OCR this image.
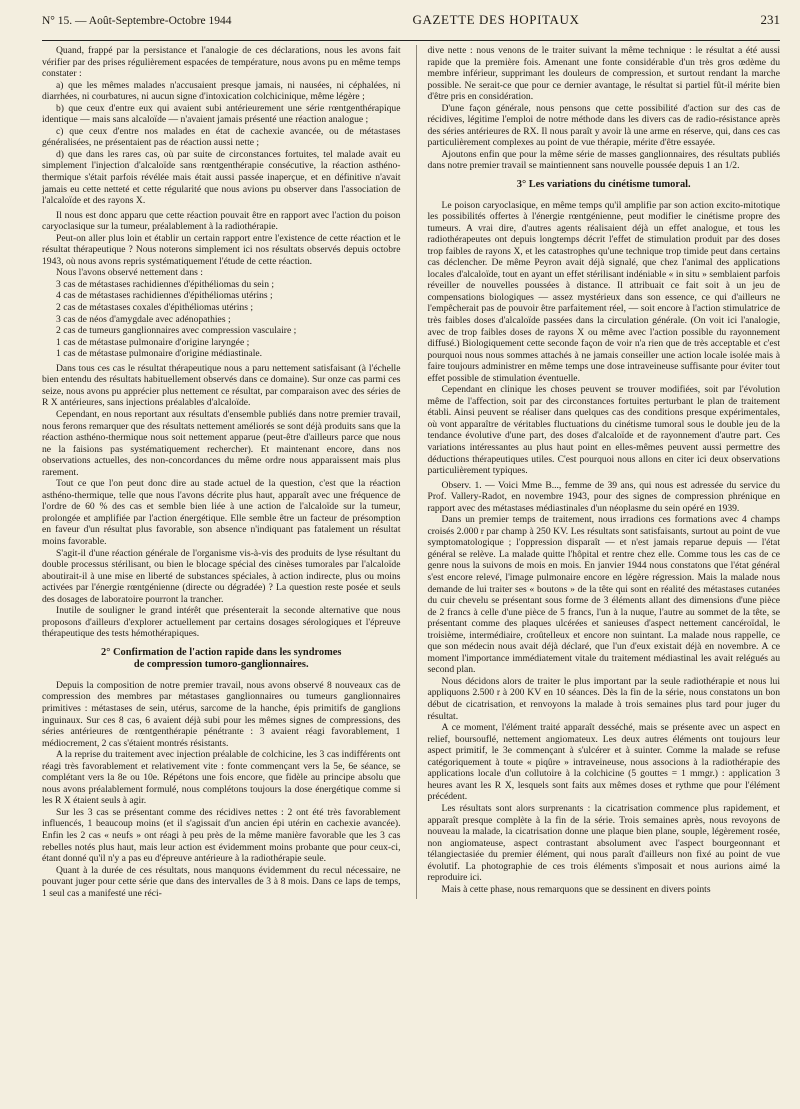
N° 15. — Août-Septembre-Octobre 1944	GAZETTE DES HOPITAUX	231

Quand, frappé par la persistance et l'analogie de ces déclarations, nous les avons fait vérifier par des prises régulièrement espacées de température, nous avons pu en même temps constater :

a) que les mêmes malades n'accusaient presque jamais, ni nausées, ni céphalées, ni diarrhées, ni courbatures, ni aucun signe d'intoxication colchicinique, même légère ;

b) que ceux d'entre eux qui avaient subi antérieurement une série rœntgenthérapique identique — mais sans alcaloïde — n'avaient jamais présenté une réaction analogue ;

c) que ceux d'entre nos malades en état de cachexie avancée, ou de métastases généralisées, ne présentaient pas de réaction aussi nette ;

d) que dans les rares cas, où par suite de circonstances fortuites, tel malade avait eu simplement l'injection d'alcaloïde sans rœntgenthérapie consécutive, la réaction asthéno-thermique s'était parfois révélée mais était aussi passée inaperçue, et en définitive n'avait jamais eu cette netteté et cette régularité que nous avions pu observer dans l'association de l'alcaloïde et des rayons X.

Il nous est donc apparu que cette réaction pouvait être en rapport avec l'action du poison caryoclasique sur la tumeur, préalablement à la radiothérapie.

Peut-on aller plus loin et établir un certain rapport entre l'existence de cette réaction et le résultat thérapeutique ? Nous noterons simplement ici nos résultats observés depuis octobre 1943, où nous avons repris systématiquement l'étude de cette réaction.

Nous l'avons observé nettement dans :

3 cas de métastases rachidiennes d'épithéliomas du sein ;

4 cas de métastases rachidiennes d'épithéliomas utérins ;

2 cas de métastases coxales d'épithéliomas utérins ;

3 cas de néos d'amygdale avec adénopathies ;

2 cas de tumeurs ganglionnaires avec compression vasculaire ;

1 cas de métastase pulmonaire d'origine laryngée ;

1 cas de métastase pulmonaire d'origine médiastinale.

Dans tous ces cas le résultat thérapeutique nous a paru nettement satisfaisant (à l'échelle bien entendu des résultats habituellement observés dans ce domaine). Sur onze cas parmi ces seize, nous avons pu apprécier plus nettement ce résultat, par comparaison avec des séries de R X antérieures, sans injections préalables d'alcaloïde.

Cependant, en nous reportant aux résultats d'ensemble publiés dans notre premier travail, nous ferons remarquer que des résultats nettement améliorés se sont déjà produits sans que la réaction asthéno-thermique nous soit nettement apparue (peut-être d'ailleurs parce que nous ne la faisions pas systématiquement rechercher). Et maintenant encore, dans nos observations actuelles, des non-concordances du même ordre nous apparaissent mais plus rarement.

Tout ce que l'on peut donc dire au stade actuel de la question, c'est que la réaction asthéno-thermique, telle que nous l'avons décrite plus haut, apparaît avec une fréquence de l'ordre de 60 % des cas et semble bien liée à une action de l'alcaloïde sur la tumeur, prolongée et amplifiée par l'action énergétique. Elle semble être un facteur de présomption en faveur d'un résultat plus favorable, son absence n'indiquant pas fatalement un résultat moins favorable.

S'agit-il d'une réaction générale de l'organisme vis-à-vis des produits de lyse résultant du double processus stérilisant, ou bien le blocage spécial des cinèses tumorales par l'alcaloïde aboutirait-il à une mise en liberté de substances spéciales, à action indirecte, plus ou moins activées par l'énergie rœntgénienne (directe ou dégradée) ? La question reste posée et seuls des dosages de laboratoire pourront la trancher.

Inutile de souligner le grand intérêt que présenterait la seconde alternative que nous proposons d'ailleurs d'explorer actuellement par certains dosages sérologiques et l'épreuve thérapeutique des tests hémothérapiques.

2° Confirmation de l'action rapide dans les syndromes
de compression tumoro-ganglionnaires.

Depuis la composition de notre premier travail, nous avons observé 8 nouveaux cas de compression des membres par métastases ganglionnaires ou tumeurs ganglionnaires primitives : métastases de sein, utérus, sarcome de la hanche, épis primitifs de ganglions inguinaux. Sur ces 8 cas, 6 avaient déjà subi pour les mêmes signes de compressions, des séries antérieures de rœntgenthérapie pénétrante : 3 avaient réagi favorablement, 1 médiocrement, 2 cas s'étaient montrés résistants.

A la reprise du traitement avec injection préalable de colchicine, les 3 cas indifférents ont réagi très favorablement et relativement vite : fonte commençant vers la 5e, 6e séance, se complétant vers la 8e ou 10e. Répétons une fois encore, que fidèle au principe absolu que nous avons préalablement formulé, nous complétons toujours la dose énergétique comme si les R X étaient seuls à agir.

Sur les 3 cas se présentant comme des récidives nettes : 2 ont été très favorablement influencés, 1 beaucoup moins (et il s'agissait d'un ancien épi utérin en cachexie avancée). Enfin les 2 cas « neufs » ont réagi à peu près de la même manière favorable que les 3 cas rebelles notés plus haut, mais leur action est évidemment moins probante que pour ceux-ci, étant donné qu'il n'y a pas eu d'épreuve antérieure à la radiothérapie seule.

Quant à la durée de ces résultats, nous manquons évidemment du recul nécessaire, ne pouvant juger pour cette série que dans des intervalles de 3 à 8 mois. Dans ce laps de temps, 1 seul cas a manifesté une réci-

dive nette : nous venons de le traiter suivant la même technique : le résultat a été aussi rapide que la première fois. Amenant une fonte considérable d'un très gros œdème du membre inférieur, supprimant les douleurs de compression, et surtout rendant la marche possible. Ne serait-ce que pour ce dernier avantage, le résultat si partiel fût-il mérite bien d'être pris en considération.

D'une façon générale, nous pensons que cette possibilité d'action sur des cas de récidives, légitime l'emploi de notre méthode dans les divers cas de radio-résistance après des séries antérieures de RX. Il nous paraît y avoir là une arme en réserve, qui, dans ces cas particulièrement complexes au point de vue thérapie, mérite d'être essayée.

Ajoutons enfin que pour la même série de masses ganglionnaires, des résultats publiés dans notre premier travail se maintiennent sans nouvelle poussée depuis 1 an 1/2.

3° Les variations du cinétisme tumoral.

Le poison caryoclasique, en même temps qu'il amplifie par son action excito-mitotique les possibilités offertes à l'énergie rœntgénienne, peut modifier le cinétisme propre des tumeurs. A vrai dire, d'autres agents réalisaient déjà un effet analogue, et tous les radiothérapeutes ont depuis longtemps décrit l'effet de stimulation produit par des doses trop faibles de rayons X, et les catastrophes qu'une technique trop timide peut dans certains cas déclencher. De même Peyron avait déjà signalé, que chez l'animal des applications locales d'alcaloïde, tout en ayant un effet stérilisant indéniable « in situ » semblaient parfois réveiller de nouvelles poussées à distance. Il attribuait ce fait soit à un jeu de compensations biologiques — assez mystérieux dans son essence, ce qui d'ailleurs ne l'empêcherait pas de pouvoir être parfaitement réel, — soit encore à l'action stimulatrice de très faibles doses d'alcaloïde passées dans la circulation générale. (On voit ici l'analogie, avec de trop faibles doses de rayons X ou même avec l'action possible du rayonnement diffusé.) Biologiquement cette seconde façon de voir n'a rien que de très acceptable et c'est pourquoi nous nous sommes attachés à ne jamais conseiller une action locale isolée mais à faire toujours administrer en même temps une dose intraveineuse suffisante pour éviter tout effet possible de stimulation éventuelle.

Cependant en clinique les choses peuvent se trouver modifiées, soit par l'évolution même de l'affection, soit par des circonstances fortuites perturbant le plan de traitement établi. Ainsi peuvent se réaliser dans quelques cas des conditions presque expérimentales, où vont apparaître de véritables fluctuations du cinétisme tumoral sous le double jeu de la tendance évolutive d'une part, des doses d'alcaloïde et de rayonnement d'autre part. Ces variations intéressantes au plus haut point en elles-mêmes peuvent aussi permettre des déductions thérapeutiques utiles. C'est pourquoi nous allons en citer ici deux observations particulièrement typiques.

Observ. 1. — Voici Mme B..., femme de 39 ans, qui nous est adressée du service du Prof. Vallery-Radot, en novembre 1943, pour des signes de compression phrénique en rapport avec des métastases médiastinales d'un néoplasme du sein opéré en 1939.

Dans un premier temps de traitement, nous irradions ces formations avec 4 champs croisés 2.000 r par champ à 250 KV. Les résultats sont satisfaisants, surtout au point de vue symptomatologique ; l'oppression disparaît — et n'est jamais reparue depuis — l'état général se relève. La malade quitte l'hôpital et rentre chez elle. Comme tous les cas de ce genre nous la suivons de mois en mois. En janvier 1944 nous constatons que l'état général s'est encore relevé, l'image pulmonaire encore en légère régression. Mais la malade nous demande de lui traiter ses « boutons » de la tête qui sont en réalité des métastases cutanées du cuir chevelu se présentant sous forme de 3 éléments allant des dimensions d'une pièce de 2 francs à celle d'une pièce de 5 francs, l'un à la nuque, l'autre au sommet de la tête, se présentant comme des plaques ulcérées et sanieuses d'aspect nettement cancéroïdal, le troisième, intermédiaire, croûtelleux et encore non suintant. La malade nous rappelle, ce que son médecin nous avait déjà déclaré, que l'un d'eux existait déjà en novembre. A ce moment l'importance immédiatement vitale du traitement médiastinal les avait relégués au second plan.

Nous décidons alors de traiter le plus important par la seule radiothérapie et nous lui appliquons 2.500 r à 200 KV en 10 séances. Dès la fin de la série, nous constatons un bon début de cicatrisation, et renvoyons la malade à trois semaines plus tard pour juger du résultat.

A ce moment, l'élément traité apparaît desséché, mais se présente avec un aspect en relief, boursouflé, nettement angiomateux. Les deux autres éléments ont toujours leur aspect primitif, le 3e commençant à s'ulcérer et à suinter. Comme la malade se refuse catégoriquement à toute « piqûre » intraveineuse, nous associons à la radiothérapie des applications locale d'un collutoire à la colchicine (5 gouttes = 1 mmgr.) : application 3 heures avant les R X, lesquels sont faits aux mêmes doses et rythme que pour l'élément précédent.

Les résultats sont alors surprenants : la cicatrisation commence plus rapidement, et apparaît presque complète à la fin de la série. Trois semaines après, nous revoyons de nouveau la malade, la cicatrisation donne une plaque bien plane, souple, légèrement rosée, non angiomateuse, aspect contrastant absolument avec l'aspect bourgeonnant et télangiectasiée du premier élément, qui nous paraît d'ailleurs non fixé au point de vue évolutif. La photographie de ces trois éléments s'imposait et nous aurions aimé la reproduire ici.

Mais à cette phase, nous remarquons que se dessinent en divers points
